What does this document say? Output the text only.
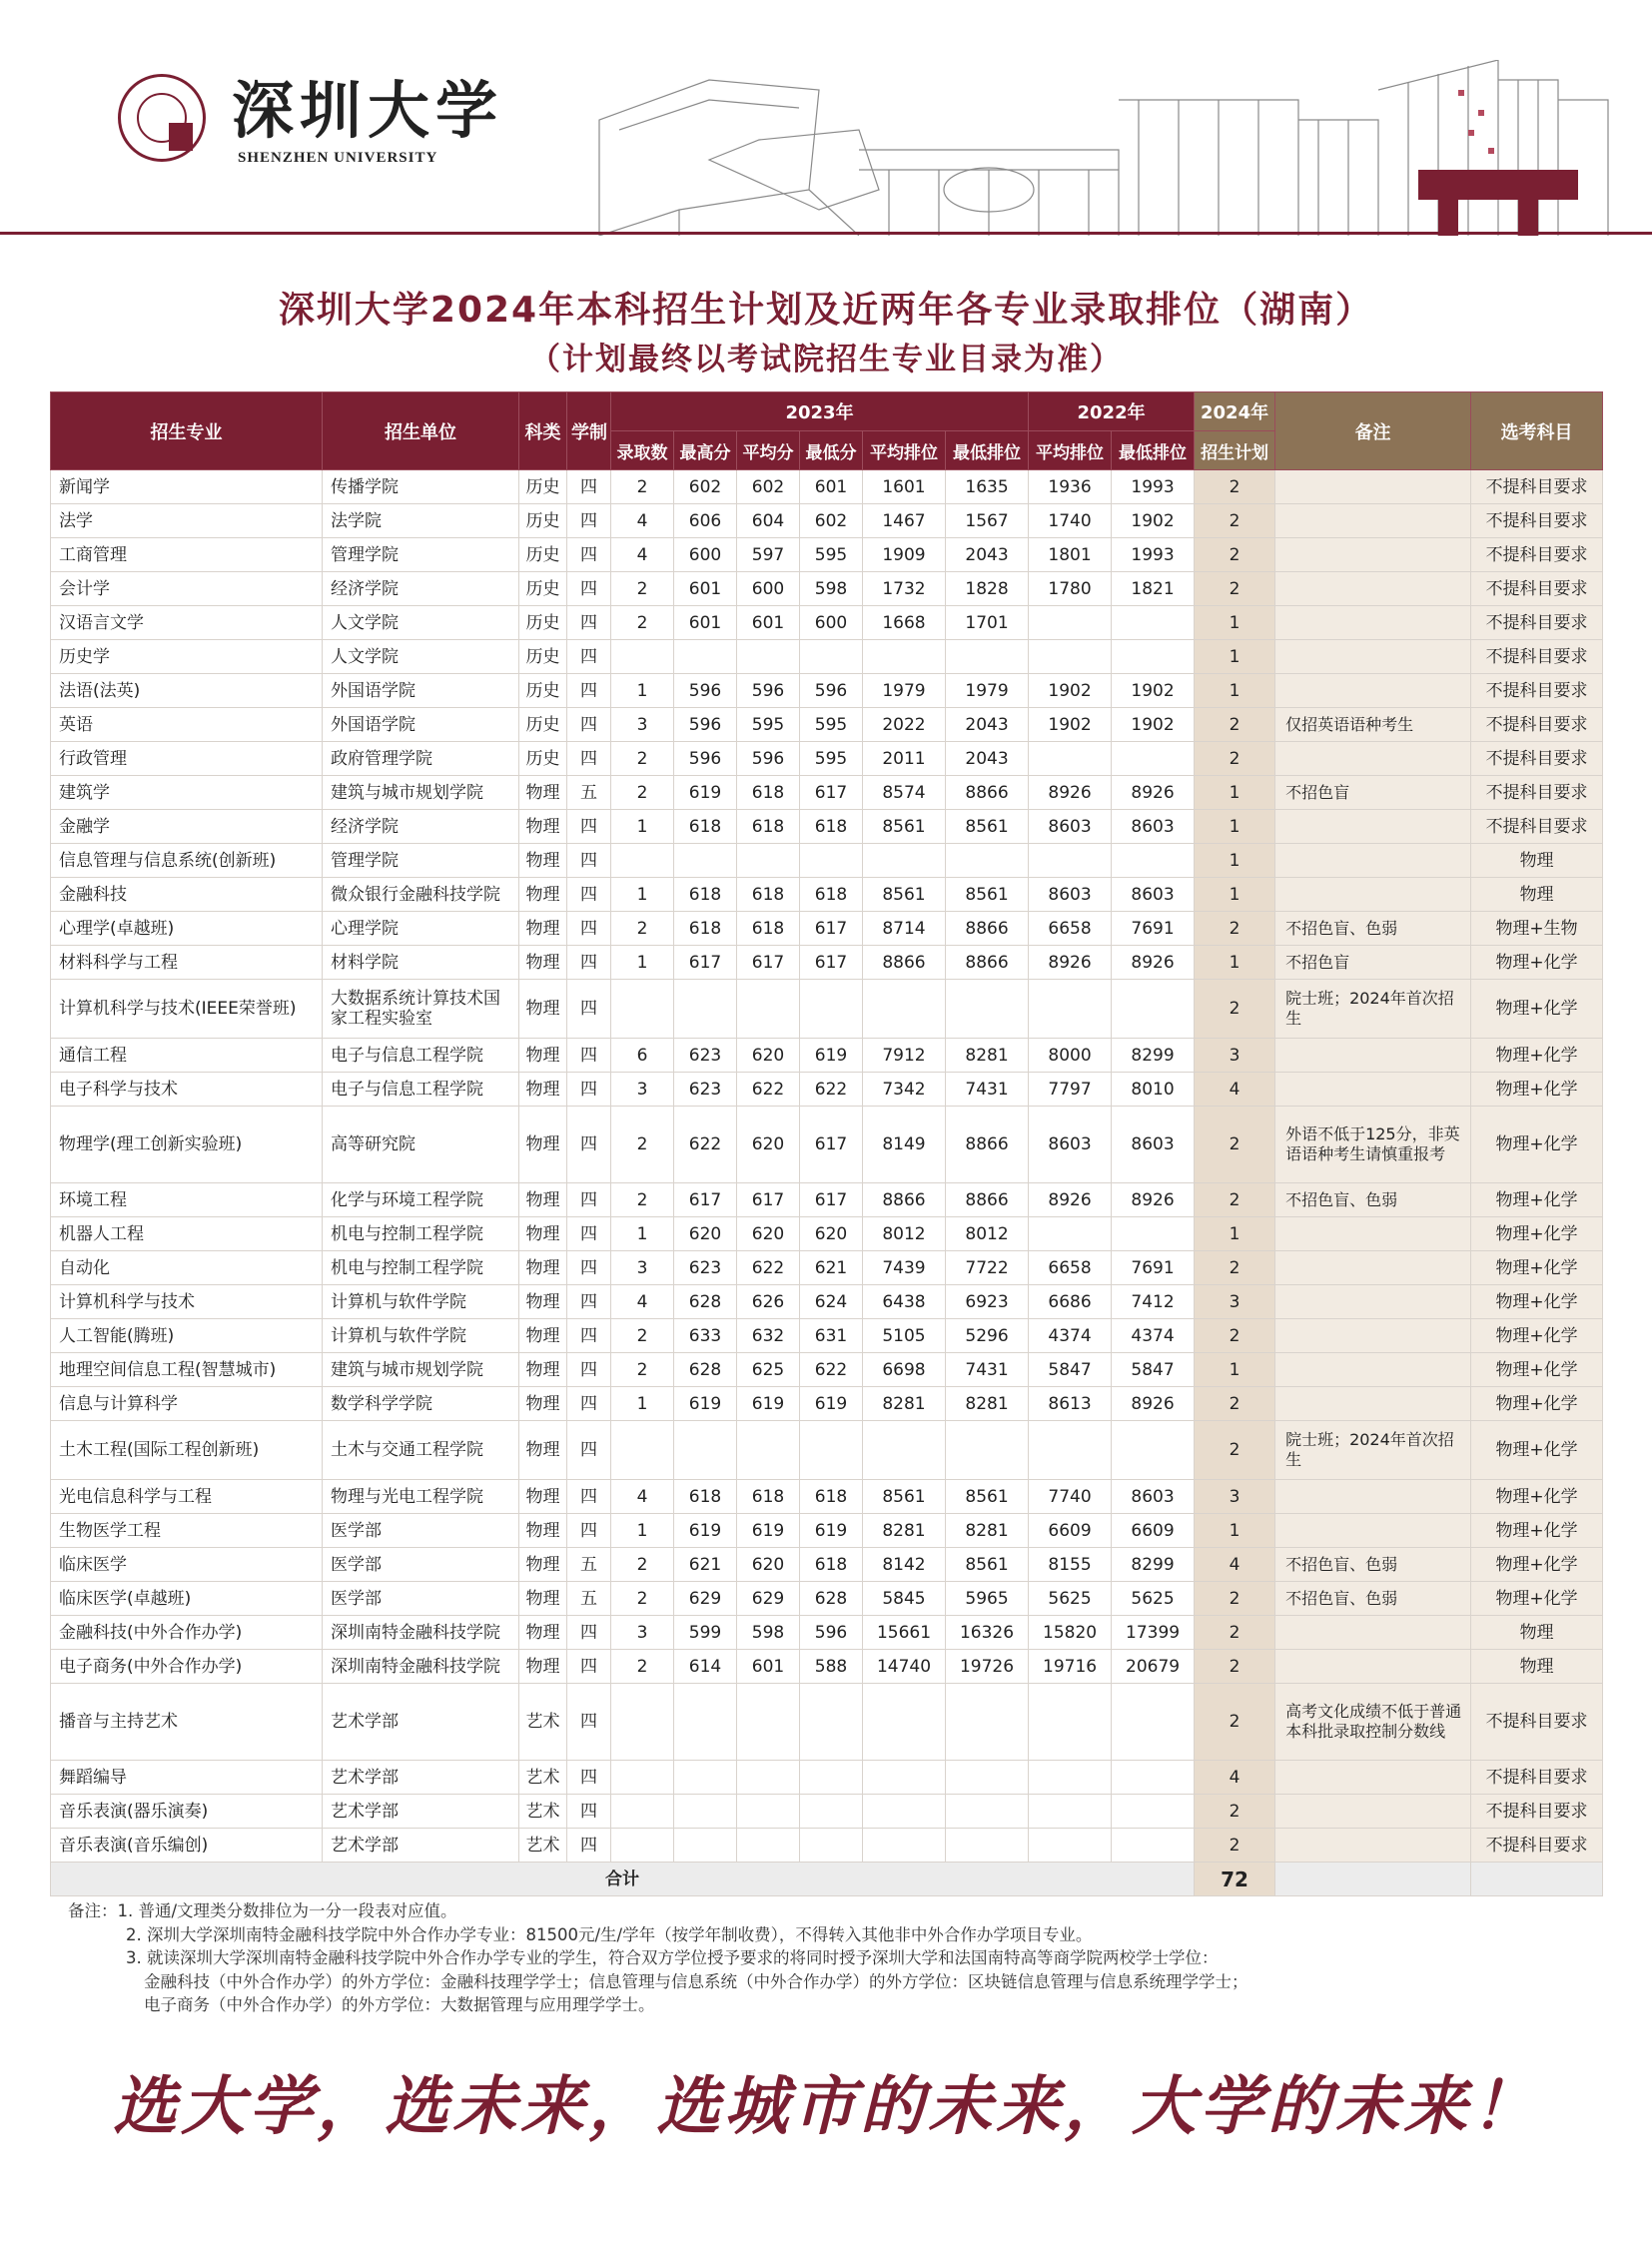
深圳大学
SHENZHEN UNIVERSITY
深圳大学2024年本科招生计划及近两年各专业录取排位（湖南）
（计划最终以考试院招生专业目录为准）
招生专业	招生单位	科类	学制	2023年						2022年		2024年	备注	选考科目
				录取数	最高分	平均分	最低分	平均排位	最低排位	平均排位	最低排位	招生计划		
新闻学	传播学院	历史	四	2	602	602	601	1601	1635	1936	1993	2		不提科目要求
法学	法学院	历史	四	4	606	604	602	1467	1567	1740	1902	2		不提科目要求
工商管理	管理学院	历史	四	4	600	597	595	1909	2043	1801	1993	2		不提科目要求
会计学	经济学院	历史	四	2	601	600	598	1732	1828	1780	1821	2		不提科目要求
汉语言文学	人文学院	历史	四	2	601	601	600	1668	1701			1		不提科目要求
历史学	人文学院	历史	四									1		不提科目要求
法语(法英)	外国语学院	历史	四	1	596	596	596	1979	1979	1902	1902	1		不提科目要求
英语	外国语学院	历史	四	3	596	595	595	2022	2043	1902	1902	2	仅招英语语种考生	不提科目要求
行政管理	政府管理学院	历史	四	2	596	596	595	2011	2043			2		不提科目要求
建筑学	建筑与城市规划学院	物理	五	2	619	618	617	8574	8866	8926	8926	1	不招色盲	不提科目要求
金融学	经济学院	物理	四	1	618	618	618	8561	8561	8603	8603	1		不提科目要求
信息管理与信息系统(创新班)	管理学院	物理	四									1		物理
金融科技	微众银行金融科技学院	物理	四	1	618	618	618	8561	8561	8603	8603	1		物理
心理学(卓越班)	心理学院	物理	四	2	618	618	617	8714	8866	6658	7691	2	不招色盲、色弱	物理+生物
材料科学与工程	材料学院	物理	四	1	617	617	617	8866	8866	8926	8926	1	不招色盲	物理+化学
计算机科学与技术(IEEE荣誉班)	大数据系统计算技术国家工程实验室	物理	四									2	院士班；2024年首次招生	物理+化学
通信工程	电子与信息工程学院	物理	四	6	623	620	619	7912	8281	8000	8299	3		物理+化学
电子科学与技术	电子与信息工程学院	物理	四	3	623	622	622	7342	7431	7797	8010	4		物理+化学
物理学(理工创新实验班)	高等研究院	物理	四	2	622	620	617	8149	8866	8603	8603	2	外语不低于125分，非英语语种考生请慎重报考	物理+化学
环境工程	化学与环境工程学院	物理	四	2	617	617	617	8866	8866	8926	8926	2	不招色盲、色弱	物理+化学
机器人工程	机电与控制工程学院	物理	四	1	620	620	620	8012	8012			1		物理+化学
自动化	机电与控制工程学院	物理	四	3	623	622	621	7439	7722	6658	7691	2		物理+化学
计算机科学与技术	计算机与软件学院	物理	四	4	628	626	624	6438	6923	6686	7412	3		物理+化学
人工智能(腾班)	计算机与软件学院	物理	四	2	633	632	631	5105	5296	4374	4374	2		物理+化学
地理空间信息工程(智慧城市)	建筑与城市规划学院	物理	四	2	628	625	622	6698	7431	5847	5847	1		物理+化学
信息与计算科学	数学科学学院	物理	四	1	619	619	619	8281	8281	8613	8926	2		物理+化学
土木工程(国际工程创新班)	土木与交通工程学院	物理	四									2	院士班；2024年首次招生	物理+化学
光电信息科学与工程	物理与光电工程学院	物理	四	4	618	618	618	8561	8561	7740	8603	3		物理+化学
生物医学工程	医学部	物理	四	1	619	619	619	8281	8281	6609	6609	1		物理+化学
临床医学	医学部	物理	五	2	621	620	618	8142	8561	8155	8299	4	不招色盲、色弱	物理+化学
临床医学(卓越班)	医学部	物理	五	2	629	629	628	5845	5965	5625	5625	2	不招色盲、色弱	物理+化学
金融科技(中外合作办学)	深圳南特金融科技学院	物理	四	3	599	598	596	15661	16326	15820	17399	2		物理
电子商务(中外合作办学)	深圳南特金融科技学院	物理	四	2	614	601	588	14740	19726	19716	20679	2		物理
播音与主持艺术	艺术学部	艺术	四									2	高考文化成绩不低于普通本科批录取控制分数线	不提科目要求
舞蹈编导	艺术学部	艺术	四									4		不提科目要求
音乐表演(器乐演奏)	艺术学部	艺术	四									2		不提科目要求
音乐表演(音乐编创)	艺术学部	艺术	四									2		不提科目要求
合计												72		
备注：1. 普通/文理类分数排位为一分一段表对应值。
2. 深圳大学深圳南特金融科技学院中外合作办学专业：81500元/生/学年（按学年制收费），不得转入其他非中外合作办学项目专业。
3. 就读深圳大学深圳南特金融科技学院中外合作办学专业的学生，符合双方学位授予要求的将同时授予深圳大学和法国南特高等商学院两校学士学位：
金融科技（中外合作办学）的外方学位：金融科技理学学士；信息管理与信息系统（中外合作办学）的外方学位：区块链信息管理与信息系统理学学士；
电子商务（中外合作办学）的外方学位：大数据管理与应用理学学士。
选大学，选未来，选城市的未来，大学的未来！
